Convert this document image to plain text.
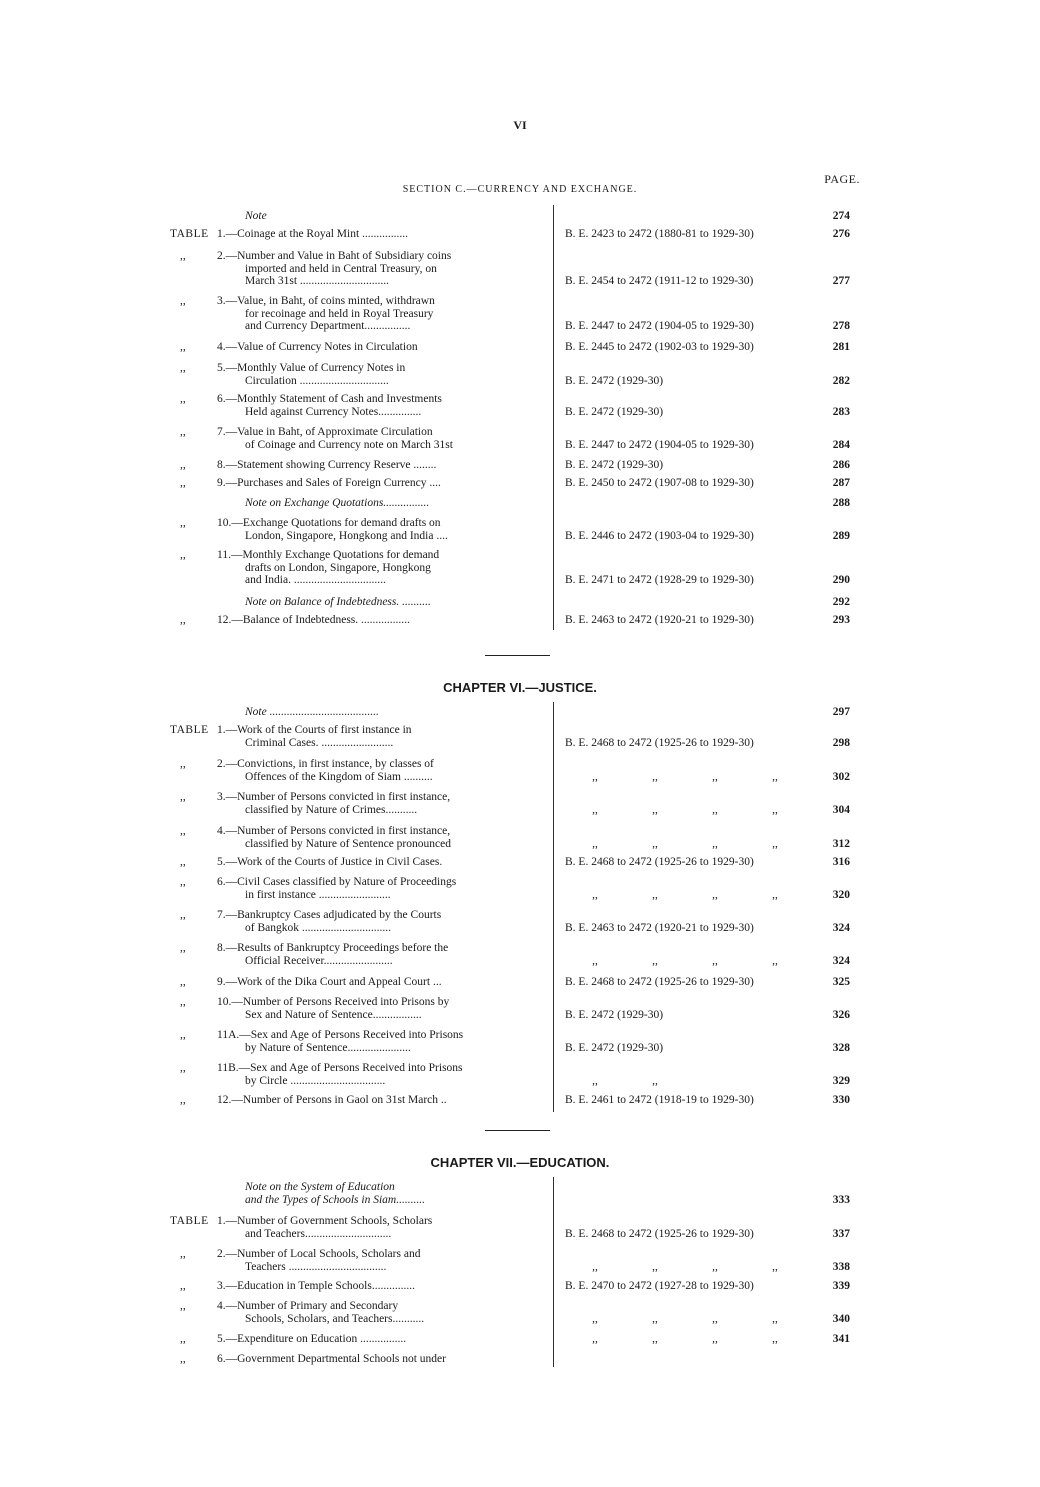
VI
PAGE.
SECTION C.—CURRENCY AND EXCHANGE.
Note	274
TABLE 1.—Coinage at the Royal Mint ................	B. E. 2423 to 2472 (1880-81 to 1929-30)	276
,,	2.—Number and Value in Baht of Subsidiary coins
imported and held in Central Treasury, on
March 31st ...............................	B. E. 2454 to 2472 (1911-12 to 1929-30)	277
,,	3.—Value, in Baht, of coins minted, withdrawn
for recoinage and held in Royal Treasury
and Currency Department................	B. E. 2447 to 2472 (1904-05 to 1929-30)	278
,,	4.—Value of Currency Notes in Circulation	B. E. 2445 to 2472 (1902-03 to 1929-30)	281
,,	5.—Monthly Value of Currency Notes in
Circulation ...............................	B. E. 2472 (1929-30)	282
,,	6.—Monthly Statement of Cash and Investments
Held against Currency Notes...............	B. E. 2472 (1929-30)	283
,,	7.—Value in Baht, of Approximate Circulation
of Coinage and Currency note on March 31st	B. E. 2447 to 2472 (1904-05 to 1929-30)	284
,,	8.—Statement showing Currency Reserve ........	B. E. 2472 (1929-30)	286
,,	9.—Purchases and Sales of Foreign Currency ....	B. E. 2450 to 2472 (1907-08 to 1929-30)	287
Note on Exchange Quotations................	288
,,	10.—Exchange Quotations for demand drafts on
London, Singapore, Hongkong and India ....	B. E. 2446 to 2472 (1903-04 to 1929-30)	289
,,	11.—Monthly Exchange Quotations for demand
drafts on London, Singapore, Hongkong
and India. ................................	B. E. 2471 to 2472 (1928-29 to 1929-30)	290
Note on Balance of Indebtedness. ..........	292
,,	12.—Balance of Indebtedness. .................	B. E. 2463 to 2472 (1920-21 to 1929-30)	293
CHAPTER VI.—JUSTICE.
Note ......................................	297
TABLE 1.—Work of the Courts of first instance in
Criminal Cases. .........................	B. E. 2468 to 2472 (1925-26 to 1929-30)	298
,,	2.—Convictions, in first instance, by classes of
Offences of the Kingdom of Siam ..........	,,	,,	,,	,,	302
,,	3.—Number of Persons convicted in first instance,
classified by Nature of Crimes...........	,,	,,	,,	,,	304
,,	4.—Number of Persons convicted in first instance,
classified by Nature of Sentence pronounced	,,	,,	,,	,,	312
,,	5.—Work of the Courts of Justice in Civil Cases.	B. E. 2468 to 2472 (1925-26 to 1929-30)	316
,,	6.—Civil Cases classified by Nature of Proceedings
in first instance .........................	,,	,,	,,	,,	320
,,	7.—Bankruptcy Cases adjudicated by the Courts
of Bangkok ...............................	B. E. 2463 to 2472 (1920-21 to 1929-30)	324
,,	8.—Results of Bankruptcy Proceedings before the
Official Receiver........................	,,	,,	,,	,,	324
,,	9.—Work of the Dika Court and Appeal Court ...	B. E. 2468 to 2472 (1925-26 to 1929-30)	325
,,	10.—Number of Persons Received into Prisons by
Sex and Nature of Sentence.................	B. E. 2472 (1929-30)	326
,,	11A.—Sex and Age of Persons Received into Prisons
by Nature of Sentence......................	B. E. 2472 (1929-30)	328
,,	11B.—Sex and Age of Persons Received into Prisons
by Circle .................................	,,	,,	329
,,	12.—Number of Persons in Gaol on 31st March ..	B. E. 2461 to 2472 (1918-19 to 1929-30)	330
CHAPTER VII.—EDUCATION.
Note on the System of Education
and the Types of Schools in Siam..........	333
TABLE 1.—Number of Government Schools, Scholars
and Teachers..............................	B. E. 2468 to 2472 (1925-26 to 1929-30)	337
,,	2.—Number of Local Schools, Scholars and
Teachers ..................................	,,	,,	,,	,,	338
,,	3.—Education in Temple Schools...............	B. E. 2470 to 2472 (1927-28 to 1929-30)	339
,,	4.—Number of Primary and Secondary
Schools, Scholars, and Teachers...........	,,	,,	,,	,,	340
,,	5.—Expenditure on Education ................	,,	,,	,,	,,	341
,,	6.—Government Departmental Schools not under
